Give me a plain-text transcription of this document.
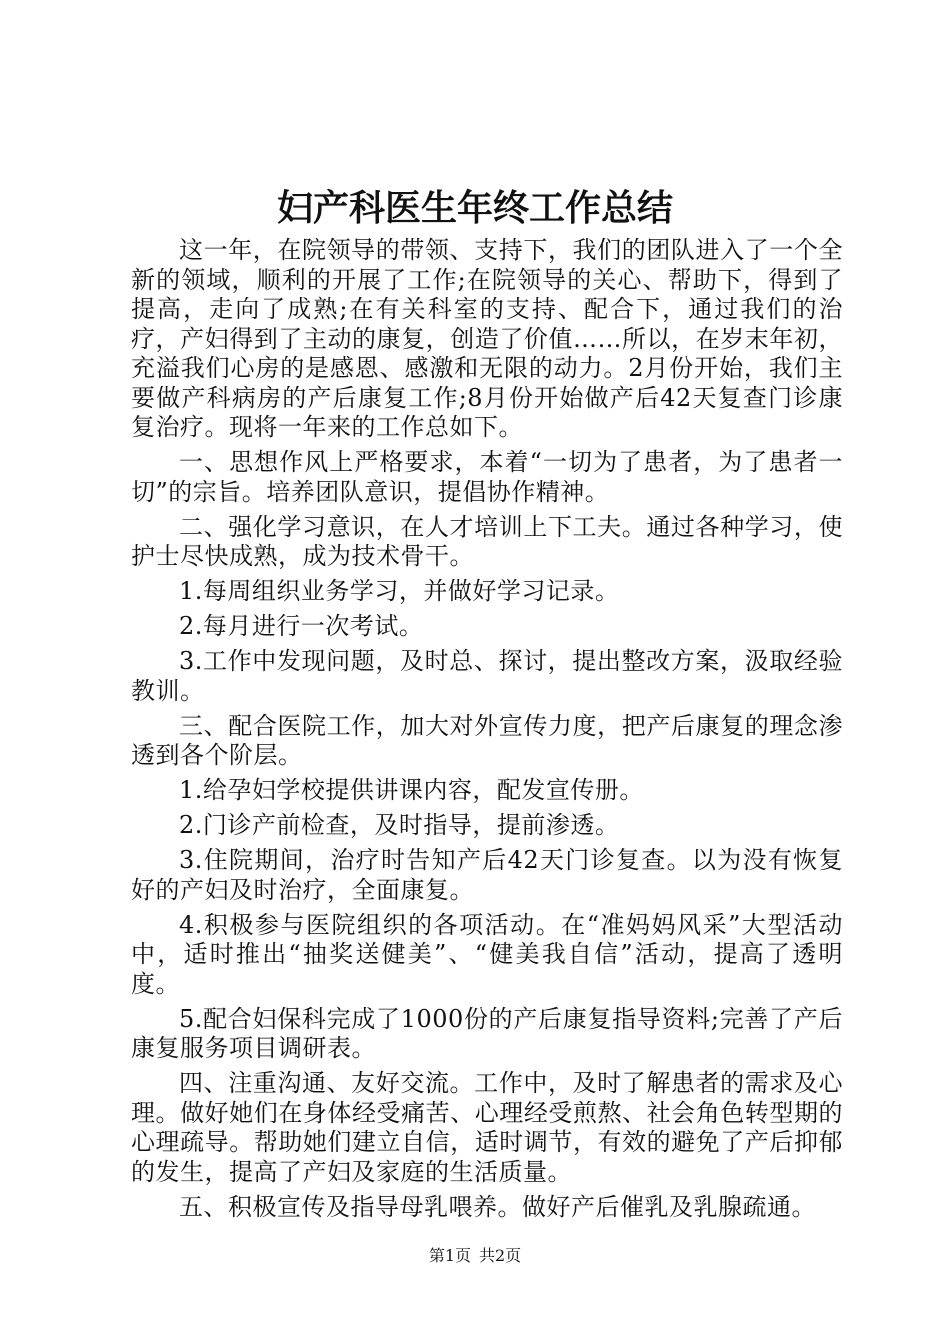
妇产科医生年终工作总结

这一年，在院领导的带领、支持下，我们的团队进入了一个全新的领域，顺利的开展了工作;在院领导的关心、帮助下，得到了提高，走向了成熟;在有关科室的支持、配合下，通过我们的治疗，产妇得到了主动的康复，创造了价值……所以，在岁末年初，充溢我们心房的是感恩、感激和无限的动力。2月份开始，我们主要做产科病房的产后康复工作;8月份开始做产后42天复查门诊康复治疗。现将一年来的工作总如下。

一、思想作风上严格要求，本着“一切为了患者，为了患者一切”的宗旨。培养团队意识，提倡协作精神。

二、强化学习意识，在人才培训上下工夫。通过各种学习，使护士尽快成熟，成为技术骨干。

1.每周组织业务学习，并做好学习记录。

2.每月进行一次考试。

3.工作中发现问题，及时总、探讨，提出整改方案，汲取经验教训。

三、配合医院工作，加大对外宣传力度，把产后康复的理念渗透到各个阶层。

1.给孕妇学校提供讲课内容，配发宣传册。

2.门诊产前检查，及时指导，提前渗透。

3.住院期间，治疗时告知产后42天门诊复查。以为没有恢复好的产妇及时治疗，全面康复。

4.积极参与医院组织的各项活动。在“准妈妈风采”大型活动中，适时推出“抽奖送健美”、“健美我自信”活动，提高了透明度。

5.配合妇保科完成了1000份的产后康复指导资料;完善了产后康复服务项目调研表。

四、注重沟通、友好交流。工作中，及时了解患者的需求及心理。做好她们在身体经受痛苦、心理经受煎熬、社会角色转型期的心理疏导。帮助她们建立自信，适时调节，有效的避免了产后抑郁的发生，提高了产妇及家庭的生活质量。

五、积极宣传及指导母乳喂养。做好产后催乳及乳腺疏通。

第1页 共2页
